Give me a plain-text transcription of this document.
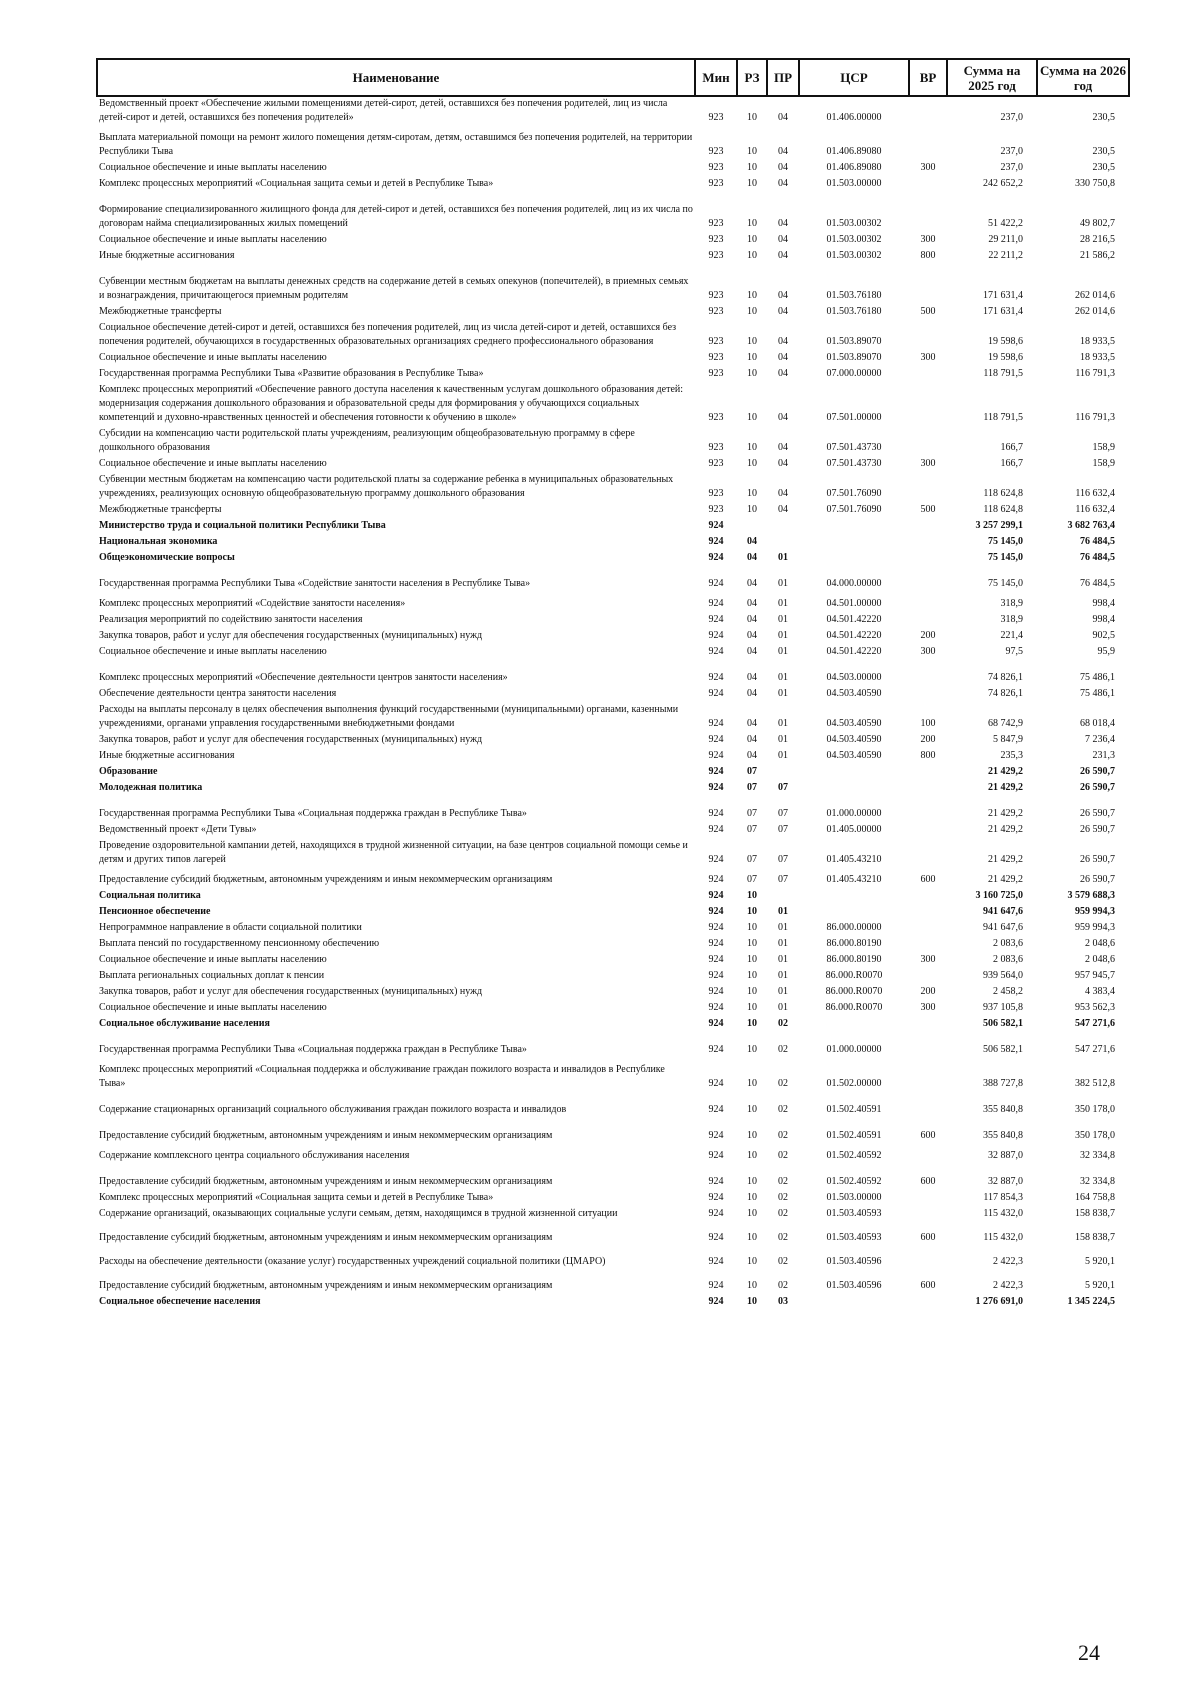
Наименование	Мин	РЗ	ПР	ЦСР	ВР	Сумма на 2025 год	Сумма на 2026 год
Ведомственный проект «Обеспечение жилыми помещениями детей-сирот, детей, оставшихся без попечения родителей, лиц из числа детей-сирот и детей, оставшихся без попечения родителей»	923	10	04	01.406.00000		237,0	230,5
Выплата материальной помощи на ремонт жилого помещения детям-сиротам, детям, оставшимся без попечения родителей, на территории Республики Тыва	923	10	04	01.406.89080		237,0	230,5
Социальное обеспечение и иные выплаты населению	923	10	04	01.406.89080	300	237,0	230,5
Комплекс процессных мероприятий «Социальная защита семьи и детей в Республике Тыва»	923	10	04	01.503.00000		242 652,2	330 750,8
Формирование специализированного жилищного фонда для детей-сирот и детей, оставшихся без попечения родителей, лиц из их числа по договорам найма специализированных жилых помещений	923	10	04	01.503.00302		51 422,2	49 802,7
Социальное обеспечение и иные выплаты населению	923	10	04	01.503.00302	300	29 211,0	28 216,5
Иные бюджетные ассигнования	923	10	04	01.503.00302	800	22 211,2	21 586,2
Субвенции местным бюджетам на выплаты денежных средств на содержание детей в семьях опекунов (попечителей), в приемных семьях и вознаграждения, причитающегося приемным родителям	923	10	04	01.503.76180		171 631,4	262 014,6
Межбюджетные трансферты	923	10	04	01.503.76180	500	171 631,4	262 014,6
Социальное обеспечение детей-сирот и детей, оставшихся без попечения родителей, лиц из числа детей-сирот и детей, оставшихся без попечения родителей, обучающихся в государственных образовательных организациях среднего профессионального образования	923	10	04	01.503.89070		19 598,6	18 933,5
Социальное обеспечение и иные выплаты населению	923	10	04	01.503.89070	300	19 598,6	18 933,5
Государственная программа Республики Тыва «Развитие образования в Республике Тыва»	923	10	04	07.000.00000		118 791,5	116 791,3
Комплекс процессных мероприятий «Обеспечение равного доступа населения к качественным услугам дошкольного образования детей: модернизация содержания дошкольного образования и образовательной среды для формирования у обучающихся социальных компетенций и духовно-нравственных ценностей и обеспечения готовности к обучению в школе»	923	10	04	07.501.00000		118 791,5	116 791,3
Субсидии на компенсацию части родительской платы учреждениям, реализующим общеобразовательную программу в сфере дошкольного образования	923	10	04	07.501.43730		166,7	158,9
Социальное обеспечение и иные выплаты населению	923	10	04	07.501.43730	300	166,7	158,9
Субвенции местным бюджетам на компенсацию части родительской платы за содержание ребенка в муниципальных образовательных учреждениях, реализующих основную общеобразовательную программу дошкольного образования	923	10	04	07.501.76090		118 624,8	116 632,4
Межбюджетные трансферты	923	10	04	07.501.76090	500	118 624,8	116 632,4
Министерство труда и социальной политики Республики Тыва	924					3 257 299,1	3 682 763,4
Национальная экономика	924	04				75 145,0	76 484,5
Общеэкономические вопросы	924	04	01			75 145,0	76 484,5
Государственная программа Республики Тыва «Содействие занятости населения в Республике Тыва»	924	04	01	04.000.00000		75 145,0	76 484,5
Комплекс процессных мероприятий «Содействие занятости населения»	924	04	01	04.501.00000		318,9	998,4
Реализация мероприятий по содействию занятости населения	924	04	01	04.501.42220		318,9	998,4
Закупка товаров, работ и услуг для обеспечения государственных (муниципальных) нужд	924	04	01	04.501.42220	200	221,4	902,5
Социальное обеспечение и иные выплаты населению	924	04	01	04.501.42220	300	97,5	95,9
Комплекс процессных мероприятий «Обеспечение деятельности центров занятости населения»	924	04	01	04.503.00000		74 826,1	75 486,1
Обеспечение деятельности центра занятости населения	924	04	01	04.503.40590		74 826,1	75 486,1
Расходы на выплаты персоналу в целях обеспечения выполнения функций государственными (муниципальными) органами, казенными учреждениями, органами управления государственными внебюджетными фондами	924	04	01	04.503.40590	100	68 742,9	68 018,4
Закупка товаров, работ и услуг для обеспечения государственных (муниципальных) нужд	924	04	01	04.503.40590	200	5 847,9	7 236,4
Иные бюджетные ассигнования	924	04	01	04.503.40590	800	235,3	231,3
Образование	924	07				21 429,2	26 590,7
Молодежная политика	924	07	07			21 429,2	26 590,7
Государственная программа Республики Тыва «Социальная поддержка граждан в Республике Тыва»	924	07	07	01.000.00000		21 429,2	26 590,7
Ведомственный проект «Дети Тувы»	924	07	07	01.405.00000		21 429,2	26 590,7
Проведение оздоровительной кампании детей, находящихся в трудной жизненной ситуации, на базе центров социальной помощи семье и детям и других типов лагерей	924	07	07	01.405.43210		21 429,2	26 590,7
Предоставление субсидий бюджетным, автономным учреждениям и иным некоммерческим организациям	924	07	07	01.405.43210	600	21 429,2	26 590,7
Социальная политика	924	10				3 160 725,0	3 579 688,3
Пенсионное обеспечение	924	10	01			941 647,6	959 994,3
Непрограммное направление в области социальной политики	924	10	01	86.000.00000		941 647,6	959 994,3
Выплата пенсий по государственному пенсионному обеспечению	924	10	01	86.000.80190		2 083,6	2 048,6
Социальное обеспечение и иные выплаты населению	924	10	01	86.000.80190	300	2 083,6	2 048,6
Выплата региональных социальных доплат к пенсии	924	10	01	86.000.R0070		939 564,0	957 945,7
Закупка товаров, работ и услуг для обеспечения государственных (муниципальных) нужд	924	10	01	86.000.R0070	200	2 458,2	4 383,4
Социальное обеспечение и иные выплаты населению	924	10	01	86.000.R0070	300	937 105,8	953 562,3
Социальное обслуживание населения	924	10	02			506 582,1	547 271,6
Государственная программа Республики Тыва «Социальная поддержка граждан в Республике Тыва»	924	10	02	01.000.00000		506 582,1	547 271,6
Комплекс процессных мероприятий «Социальная поддержка и обслуживание граждан пожилого возраста и инвалидов в Республике Тыва»	924	10	02	01.502.00000		388 727,8	382 512,8
Содержание стационарных организаций социального обслуживания граждан пожилого возраста и инвалидов	924	10	02	01.502.40591		355 840,8	350 178,0
Предоставление субсидий бюджетным, автономным учреждениям и иным некоммерческим организациям	924	10	02	01.502.40591	600	355 840,8	350 178,0
Содержание комплексного центра социального обслуживания населения	924	10	02	01.502.40592		32 887,0	32 334,8
Предоставление субсидий бюджетным, автономным учреждениям и иным некоммерческим организациям	924	10	02	01.502.40592	600	32 887,0	32 334,8
Комплекс процессных мероприятий «Социальная защита семьи и детей в Республике Тыва»	924	10	02	01.503.00000		117 854,3	164 758,8
Содержание организаций, оказывающих социальные услуги семьям, детям, находящимся в трудной жизненной ситуации	924	10	02	01.503.40593		115 432,0	158 838,7
Предоставление субсидий бюджетным, автономным учреждениям и иным некоммерческим организациям	924	10	02	01.503.40593	600	115 432,0	158 838,7
Расходы на обеспечение деятельности (оказание услуг) государственных учреждений социальной политики (ЦМАРО)	924	10	02	01.503.40596		2 422,3	5 920,1
Предоставление субсидий бюджетным, автономным учреждениям и иным некоммерческим организациям	924	10	02	01.503.40596	600	2 422,3	5 920,1
Социальное обеспечение населения	924	10	03			1 276 691,0	1 345 224,5
24
